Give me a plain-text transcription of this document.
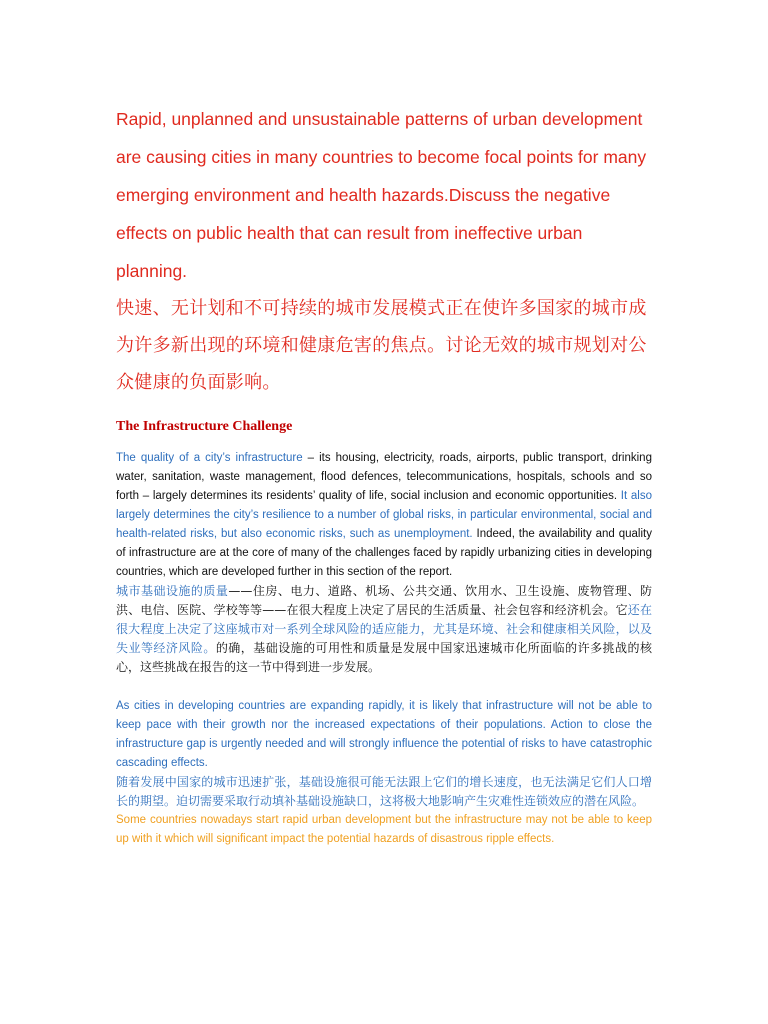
Rapid, unplanned and unsustainable patterns of urban development are causing cities in many countries to become focal points for many emerging environment and health hazards.Discuss the negative effects on public health that can result from ineffective urban planning.

快速、无计划和不可持续的城市发展模式正在使许多国家的城市成为许多新出现的环境和健康危害的焦点。讨论无效的城市规划对公众健康的负面影响。

The Infrastructure Challenge

The quality of a city’s infrastructure – its housing, electricity, roads, airports, public transport, drinking water, sanitation, waste management, flood defences, telecommunications, hospitals, schools and so forth – largely determines its residents’ quality of life, social inclusion and economic opportunities. It also largely determines the city’s resilience to a number of global risks, in particular environmental, social and health-related risks, but also economic risks, such as unemployment. Indeed, the availability and quality of infrastructure are at the core of many of the challenges faced by rapidly urbanizing cities in developing countries, which are developed further in this section of the report.

城市基础设施的质量——住房、电力、道路、机场、公共交通、饮用水、卫生设施、废物管理、防洪、电信、医院、学校等等——在很大程度上决定了居民的生活质量、社会包容和经济机会。它还在很大程度上决定了这座城市对一系列全球风险的适应能力，尤其是环境、社会和健康相关风险，以及失业等经济风险。的确，基础设施的可用性和质量是发展中国家迅速城市化所面临的许多挑战的核心，这些挑战在报告的这一节中得到进一步发展。

As cities in developing countries are expanding rapidly, it is likely that infrastructure will not be able to keep pace with their growth nor the increased expectations of their populations. Action to close the infrastructure gap is urgently needed and will strongly influence the potential of risks to have catastrophic cascading effects.

随着发展中国家的城市迅速扩张，基础设施很可能无法跟上它们的增长速度，也无法满足它们人口增长的期望。迫切需要采取行动填补基础设施缺口，这将极大地影响产生灾难性连锁效应的潜在风险。

Some countries nowadays start rapid urban development but the infrastructure may not be able to keep up with it which will significant impact the potential hazards of disastrous ripple effects.
